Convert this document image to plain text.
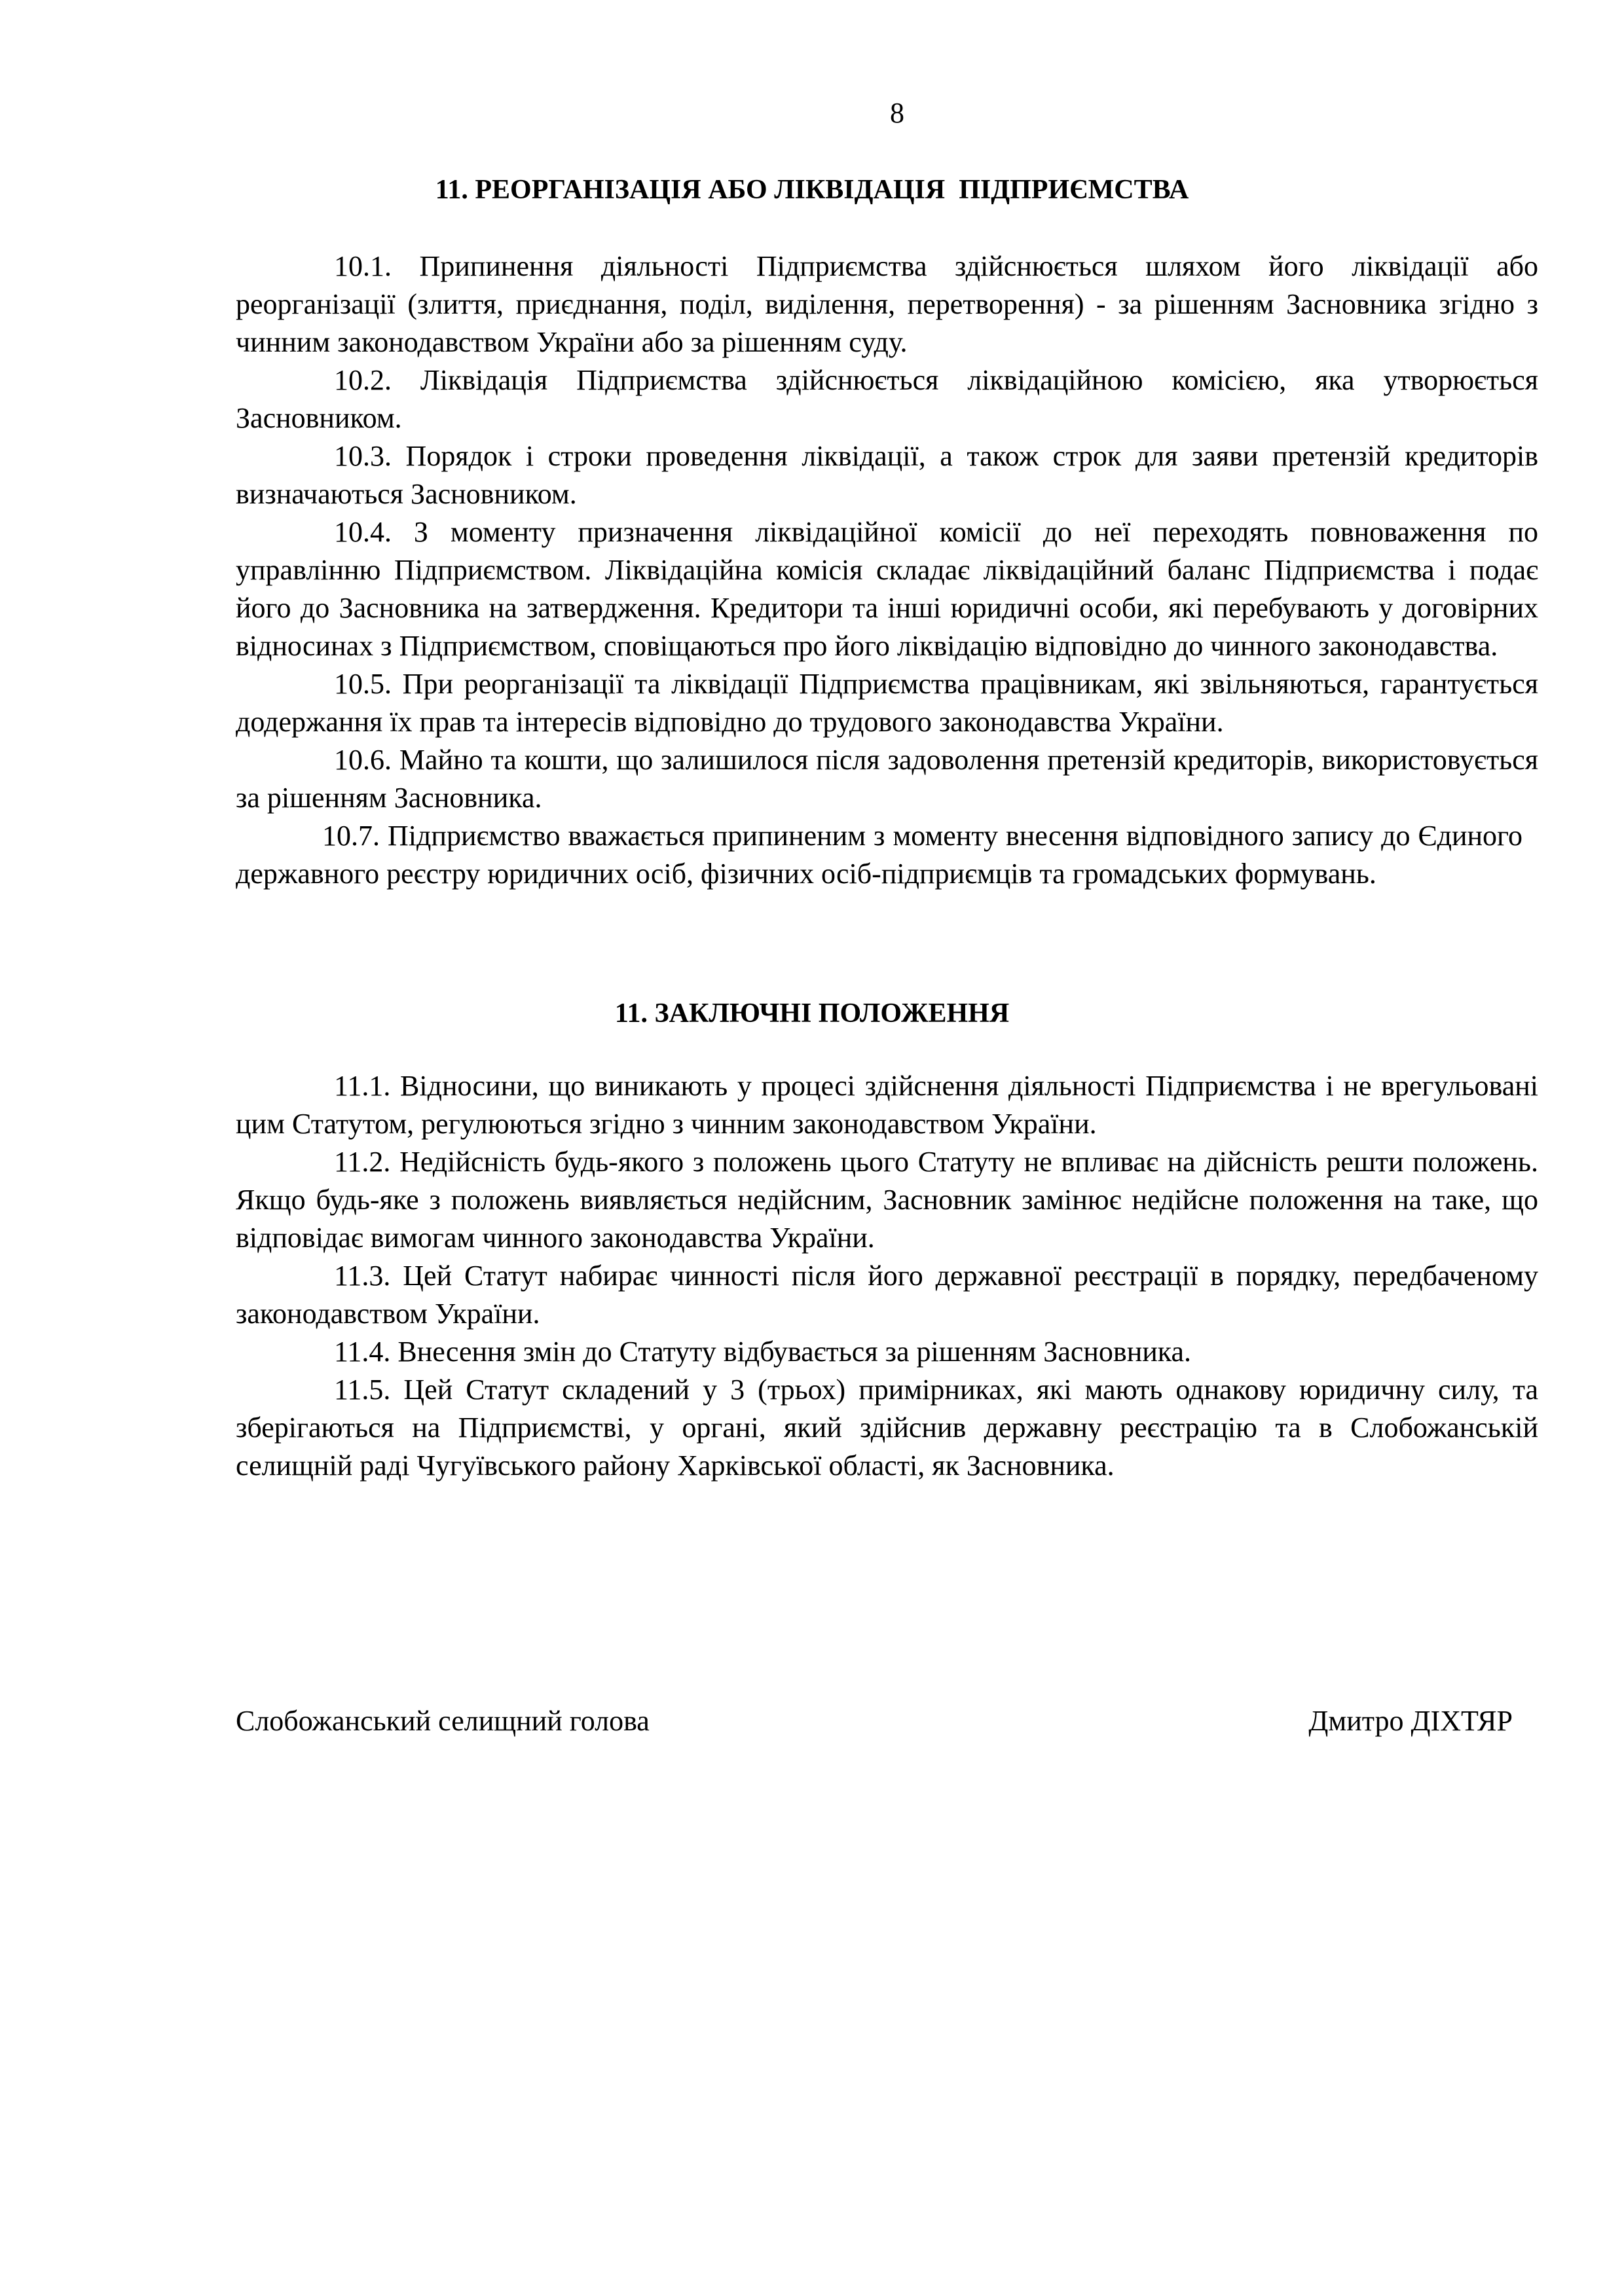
8
11. РЕОРГАНІЗАЦІЯ АБО ЛІКВІДАЦІЯ  ПІДПРИЄМСТВА

10.1. Припинення діяльності Підприємства здійснюється шляхом його ліквідації або реорганізації (злиття, приєднання, поділ, виділення, перетворення) - за рішенням Засновника згідно з чинним законодавством України або за рішенням суду.

10.2. Ліквідація Підприємства здійснюється ліквідаційною комісією, яка утворюється Засновником.

10.3. Порядок і строки проведення ліквідації, а також строк для заяви претензій кредиторів визначаються Засновником.

10.4. З моменту призначення ліквідаційної комісії до неї переходять повноваження по управлінню Підприємством. Ліквідаційна комісія складає ліквідаційний баланс Підприємства і подає його до Засновника на затвердження. Кредитори та інші юридичні особи, які перебувають у договірних відносинах з Підприємством, сповіщаються про його ліквідацію відповідно до чинного законодавства.

10.5. При реорганізації та ліквідації Підприємства працівникам, які звільняються, гарантується додержання їх прав та інтересів відповідно до трудового законодавства України.

10.6. Майно та кошти, що залишилося після задоволення претензій кредиторів, використовується за рішенням Засновника.

10.7. Підприємство вважається припиненим з моменту внесення відповідного запису до Єдиного державного реєстру юридичних осіб, фізичних осіб-підприємців та громадських формувань.

11. ЗАКЛЮЧНІ ПОЛОЖЕННЯ

11.1. Відносини, що виникають у процесі здійснення діяльності Підприємства і не врегульовані цим Статутом, регулюються згідно з чинним законодавством України.

11.2. Недійсність будь-якого з положень цього Статуту не впливає на дійсність решти положень. Якщо будь-яке з положень виявляється недійсним, Засновник замінює недійсне положення на таке, що відповідає вимогам чинного законодавства України.

11.3. Цей Статут набирає чинності після його державної реєстрації в порядку, передбаченому законодавством України.

11.4. Внесення змін до Статуту відбувається за рішенням Засновника.

11.5. Цей Статут складений у 3 (трьох) примірниках, які мають однакову юридичну силу, та зберігаються на Підприємстві, у органі, який здійснив державну реєстрацію та в Слобожанській селищній раді Чугуївського району Харківської області, як Засновника.

Слобожанський селищний голова	Дмитро ДІХТЯР
